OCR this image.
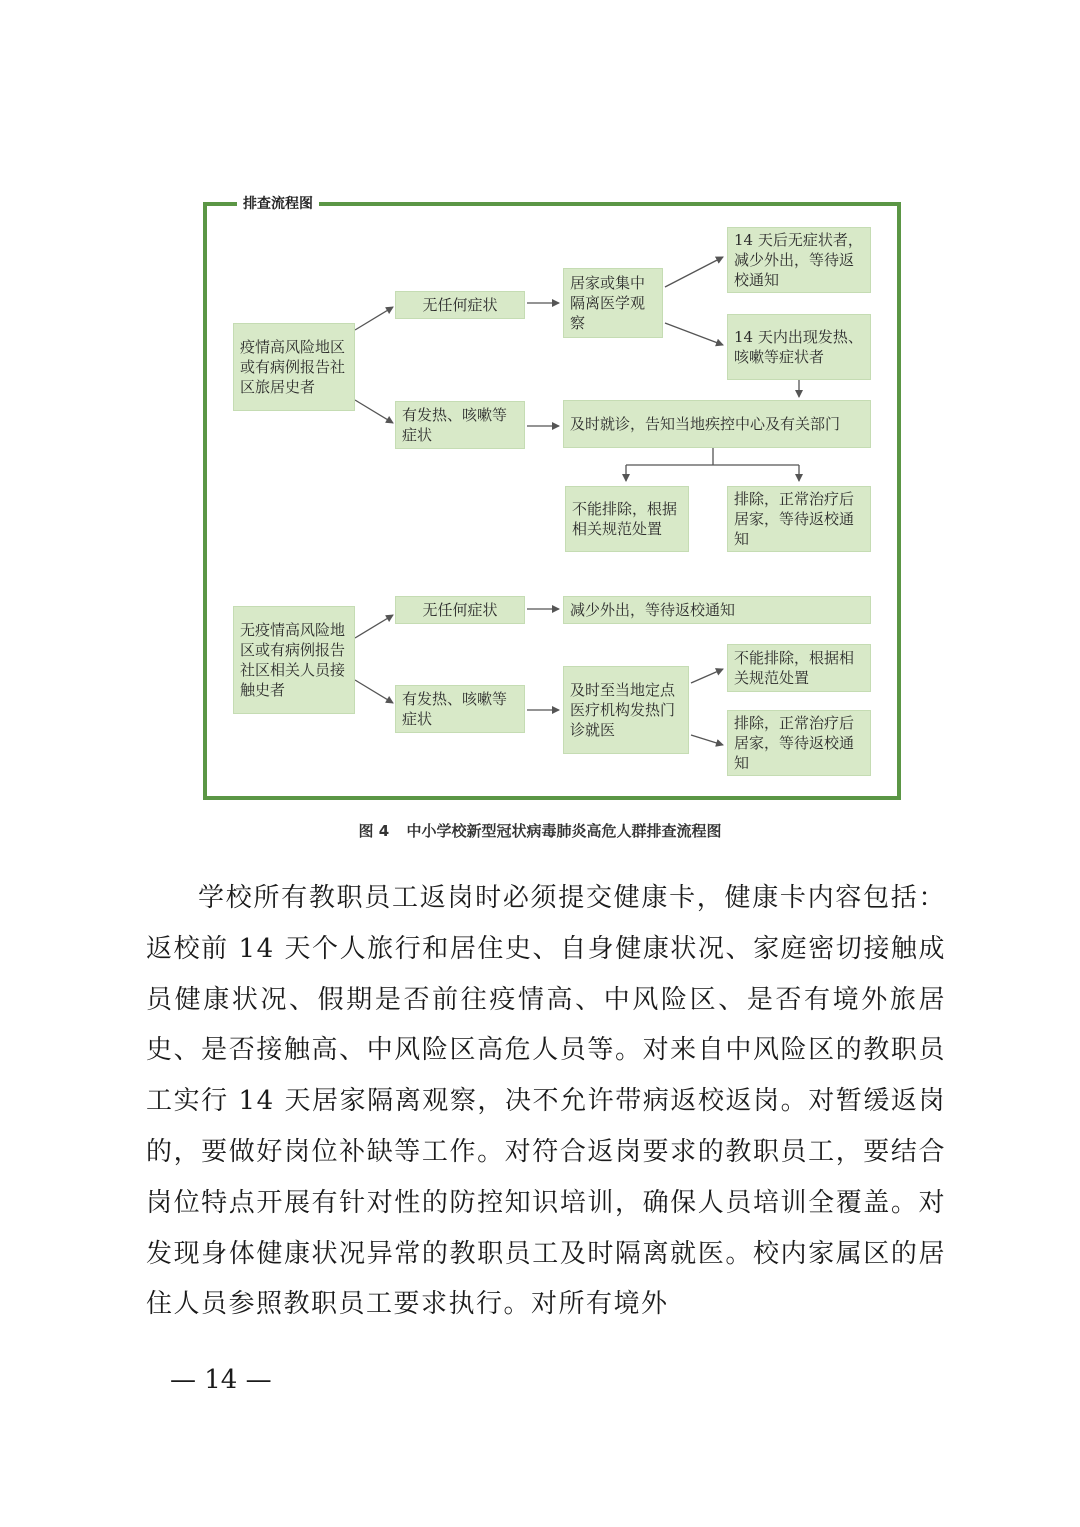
排查流程图
疫情高风险地区或有病例报告社区旅居史者
无任何症状
有发热、咳嗽等症状
居家或集中隔离医学观察
14 天后无症状者，减少外出，等待返校通知
14 天内出现发热、咳嗽等症状者
及时就诊，告知当地疾控中心及有关部门
不能排除，根据相关规范处置
排除，正常治疗后居家，等待返校通知
无疫情高风险地区或有病例报告社区相关人员接触史者
无任何症状	减少外出，等待返校通知
有发热、咳嗽等症状
及时至当地定点医疗机构发热门诊就医
不能排除，根据相关规范处置
排除，正常治疗后居家，等待返校通知
图 4 中小学校新型冠状病毒肺炎高危人群排查流程图

学校所有教职员工返岗时必须提交健康卡，健康卡内容包括：返校前 14 天个人旅行和居住史、自身健康状况、家庭密切接触成员健康状况、假期是否前往疫情高、中风险区、是否有境外旅居史、是否接触高、中风险区高危人员等。对来自中风险区的教职员工实行 14 天居家隔离观察，决不允许带病返校返岗。对暂缓返岗的，要做好岗位补缺等工作。对符合返岗要求的教职员工，要结合岗位特点开展有针对性的防控知识培训，确保人员培训全覆盖。对发现身体健康状况异常的教职员工及时隔离就医。校内家属区的居住人员参照教职员工要求执行。对所有境外

— 14 —
